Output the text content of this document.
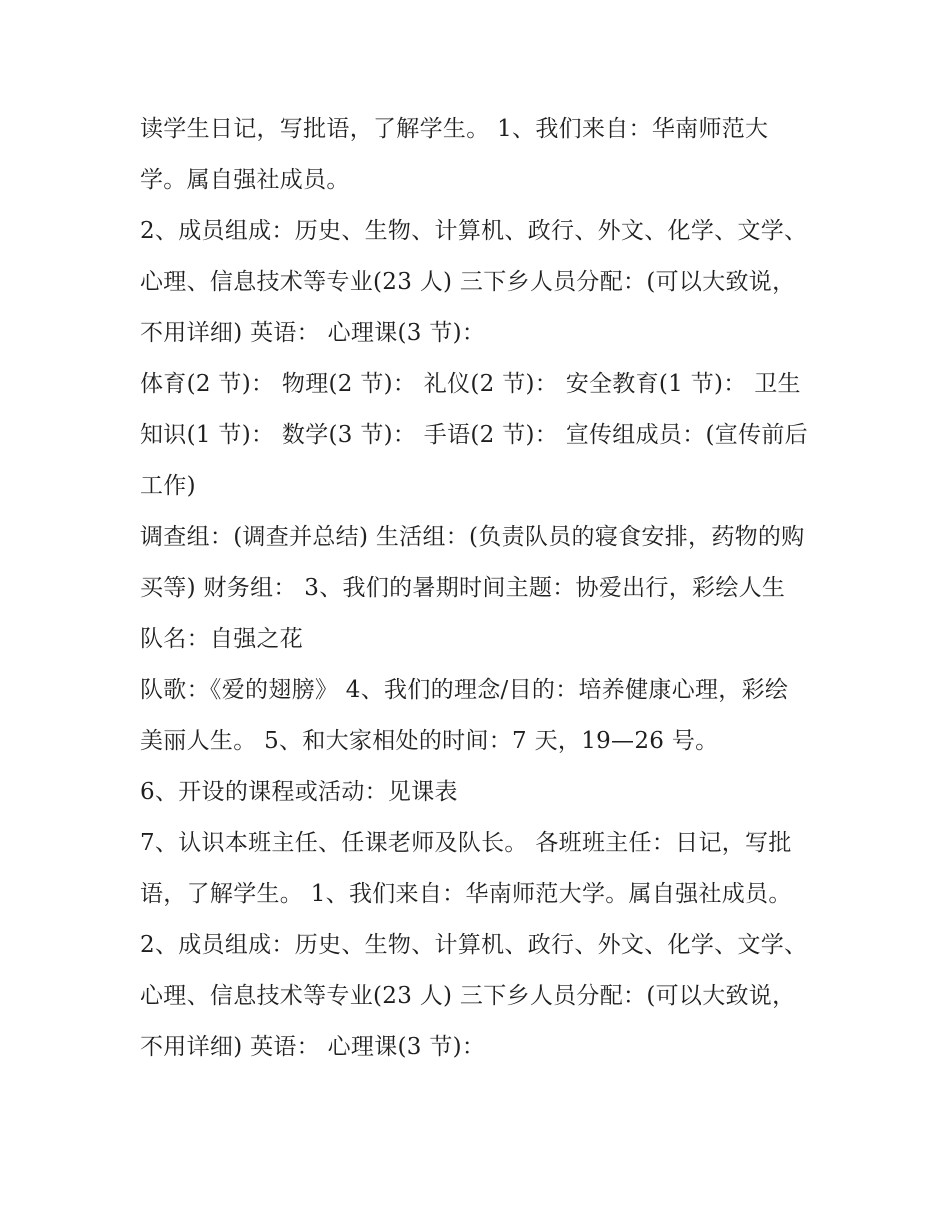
读学生日记，写批语，了解学生。 1、我们来自：华南师范大学。属自强社成员。

2、成员组成：历史、生物、计算机、政行、外文、化学、文学、心理、信息技术等专业(23 人) 三下乡人员分配：(可以大致说，不用详细) 英语： 心理课(3 节)：

体育(2 节)： 物理(2 节)： 礼仪(2 节)： 安全教育(1 节)： 卫生知识(1 节)： 数学(3 节)： 手语(2 节)： 宣传组成员：(宣传前后工作)

调查组：(调查并总结) 生活组：(负责队员的寝食安排，药物的购买等) 财务组： 3、我们的暑期时间主题：协爱出行，彩绘人生 队名：自强之花

队歌：《爱的翅膀》 4、我们的理念/目的：培养健康心理，彩绘美丽人生。 5、和大家相处的时间：7 天，19—26 号。

6、开设的课程或活动：见课表

7、认识本班主任、任课老师及队长。 各班班主任：日记，写批语，了解学生。 1、我们来自：华南师范大学。属自强社成员。

2、成员组成：历史、生物、计算机、政行、外文、化学、文学、心理、信息技术等专业(23 人) 三下乡人员分配：(可以大致说，不用详细) 英语： 心理课(3 节)：
